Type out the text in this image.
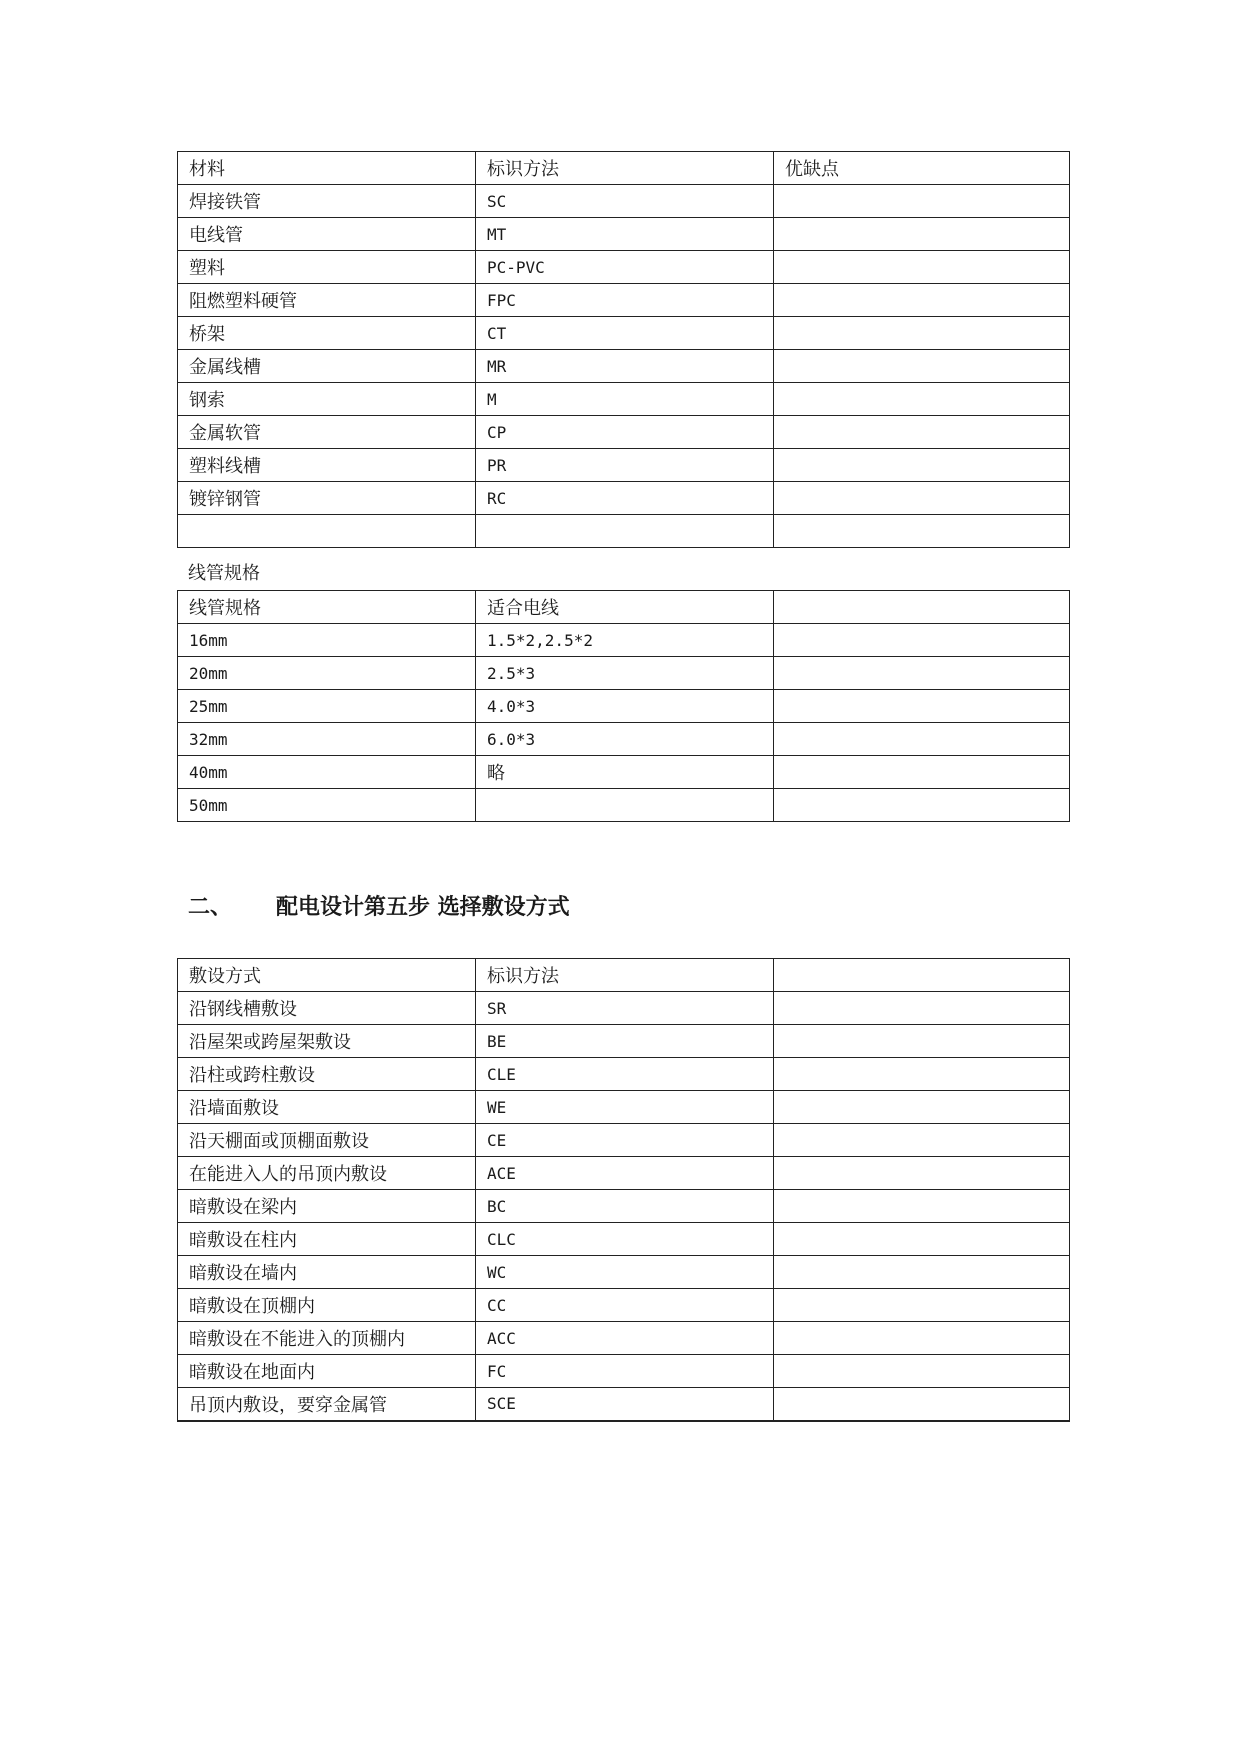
材料	标识方法	优缺点
焊接铁管	SC	
电线管	MT	
塑料	PC-PVC	
阻燃塑料硬管	FPC	
桥架	CT	
金属线槽	MR	
钢索	M	
金属软管	CP	
塑料线槽	PR	
镀锌钢管	RC	

线管规格
线管规格	适合电线	
16mm	1.5*2,2.5*2	
20mm	2.5*3	
25mm	4.0*3	
32mm	6.0*3	
40mm	略	
50mm		
二、 配电设计第五步 选择敷设方式
敷设方式	标识方法	
沿钢线槽敷设	SR	
沿屋架或跨屋架敷设	BE	
沿柱或跨柱敷设	CLE	
沿墙面敷设	WE	
沿天棚面或顶棚面敷设	CE	
在能进入人的吊顶内敷设	ACE	
暗敷设在梁内	BC	
暗敷设在柱内	CLC	
暗敷设在墙内	WC	
暗敷设在顶棚内	CC	
暗敷设在不能进入的顶棚内	ACC	
暗敷设在地面内	FC	
吊顶内敷设，要穿金属管	SCE	
